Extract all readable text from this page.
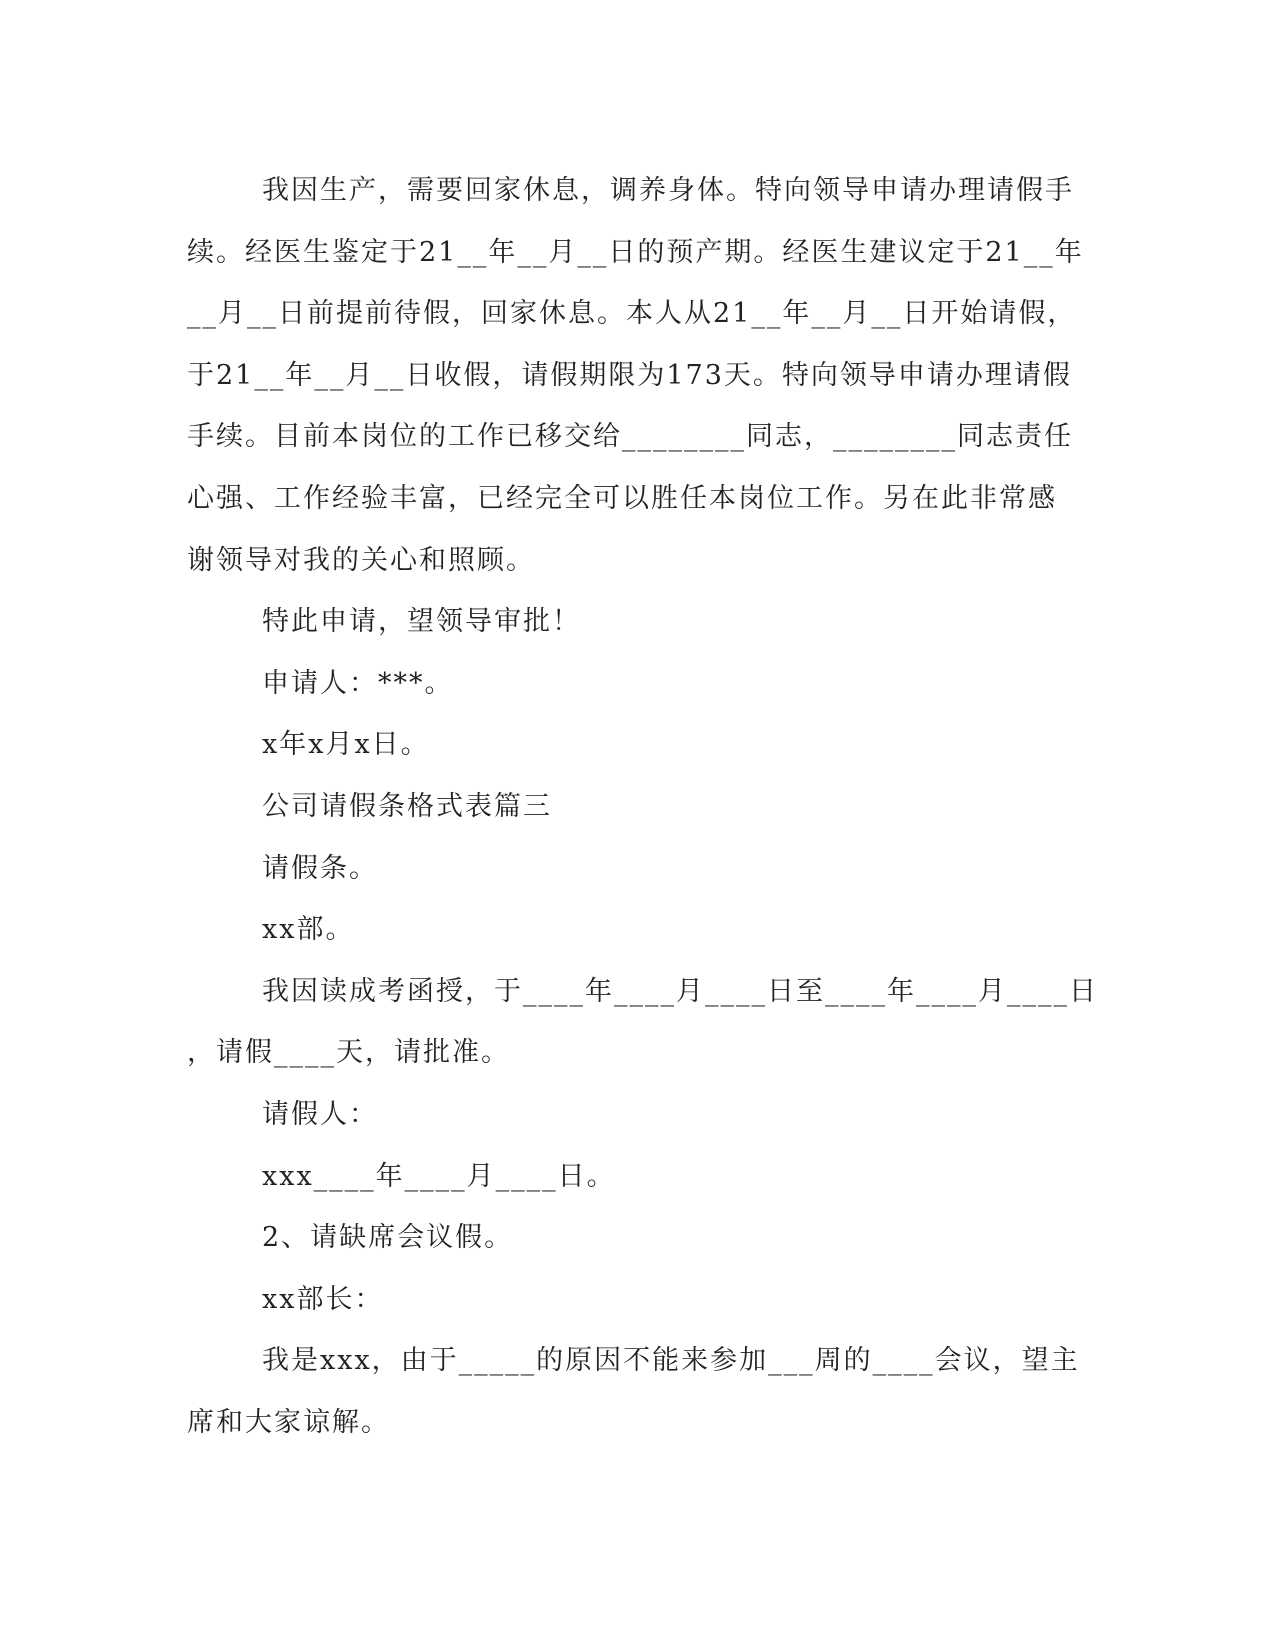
我因生产，需要回家休息，调养身体。特向领导申请办理请假手
续。经医生鉴定于21__年__月__日的预产期。经医生建议定于21__年
__月__日前提前待假，回家休息。本人从21__年__月__日开始请假，
于21__年__月__日收假，请假期限为173天。特向领导申请办理请假
手续。目前本岗位的工作已移交给________同志，________同志责任
心强、工作经验丰富，已经完全可以胜任本岗位工作。另在此非常感
谢领导对我的关心和照顾。
特此申请，望领导审批！
申请人：***。
x年x月x日。
公司请假条格式表篇三
请假条。
xx部。
我因读成考函授，于____年____月____日至____年____月____日
，请假____天，请批准。
请假人：
xxx____年____月____日。
2、请缺席会议假。
xx部长：
我是xxx，由于_____的原因不能来参加___周的____会议，望主
席和大家谅解。
